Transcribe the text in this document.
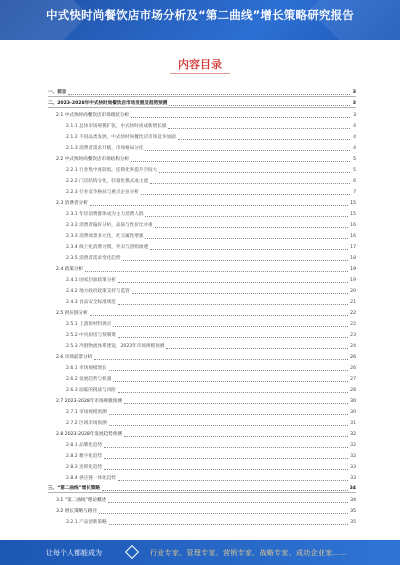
中式快时尚餐饮店市场分析及“第二曲线”增长策略研究报告
内容目录
一、前言	3
二、2023-2028年中式快时尚餐饮店市场发展及趋势预测	3
2.1 中式快时尚餐饮店市场现状分析	3
2.1.1 总体市场规模扩张，中式快时尚成新增长极	4
2.1.2 不同品类发展，中式快时尚餐饮店市场竞争加剧	4
2.1.3 消费者需求升级，市场格局分化	4
2.2 中式快时尚餐饮店市场结构分析	5
2.2.1 行业集中度较低，连锁化率提升空间大	5
2.2.2 门店结构分化，轻量化模式成主流	6
2.2.3 行业竞争格局与重点企业分析	7
2.3 消费者分析	15
2.3.1 年轻消费群体成为主力消费人群	15
2.3.2 消费者偏好分析，品质与性价比并重	16
2.3.3 消费场景多元化，社交属性增强	16
2.3.4 线上化消费习惯，外卖与团购渗透	17
2.3.5 消费者需求变化趋势	18
2.4 政策分析	19
2.4.1 国家层面政策分析	19
2.4.2 地方政府政策支持与监管	20
2.4.3 食品安全标准规范	21
2.5 供应链分析	22
2.5.1 上游原材料供应	22
2.5.2 中央厨房与预制菜	23
2.5.3 冷链物流体系建设，2023年市场规模预测	24
2.6 市场前景分析	26
2.6.1 市场规模增长	26
2.6.2 发展趋势与机遇	27
2.6.3 面临的挑战与风险	28
2.7 2023-2028年市场规模预测	30
2.7.1 市场规模预测	30
2.7.2 区域市场预测	31
2.8 2023-2028年发展趋势预测	32
2.8.1 品牌化趋势	32
2.8.2 数字化趋势	32
2.8.3 连锁化趋势	33
2.8.4 供应链一体化趋势	33
三、“第二曲线”增长策略	34
3.1 “第二曲线”理论概述	34
3.2 增长策略与路径	35
3.2.1 产品创新策略	35
让每个人都能成为	行业专家、管理专家、营销专家、战略专家、成功企业家……
